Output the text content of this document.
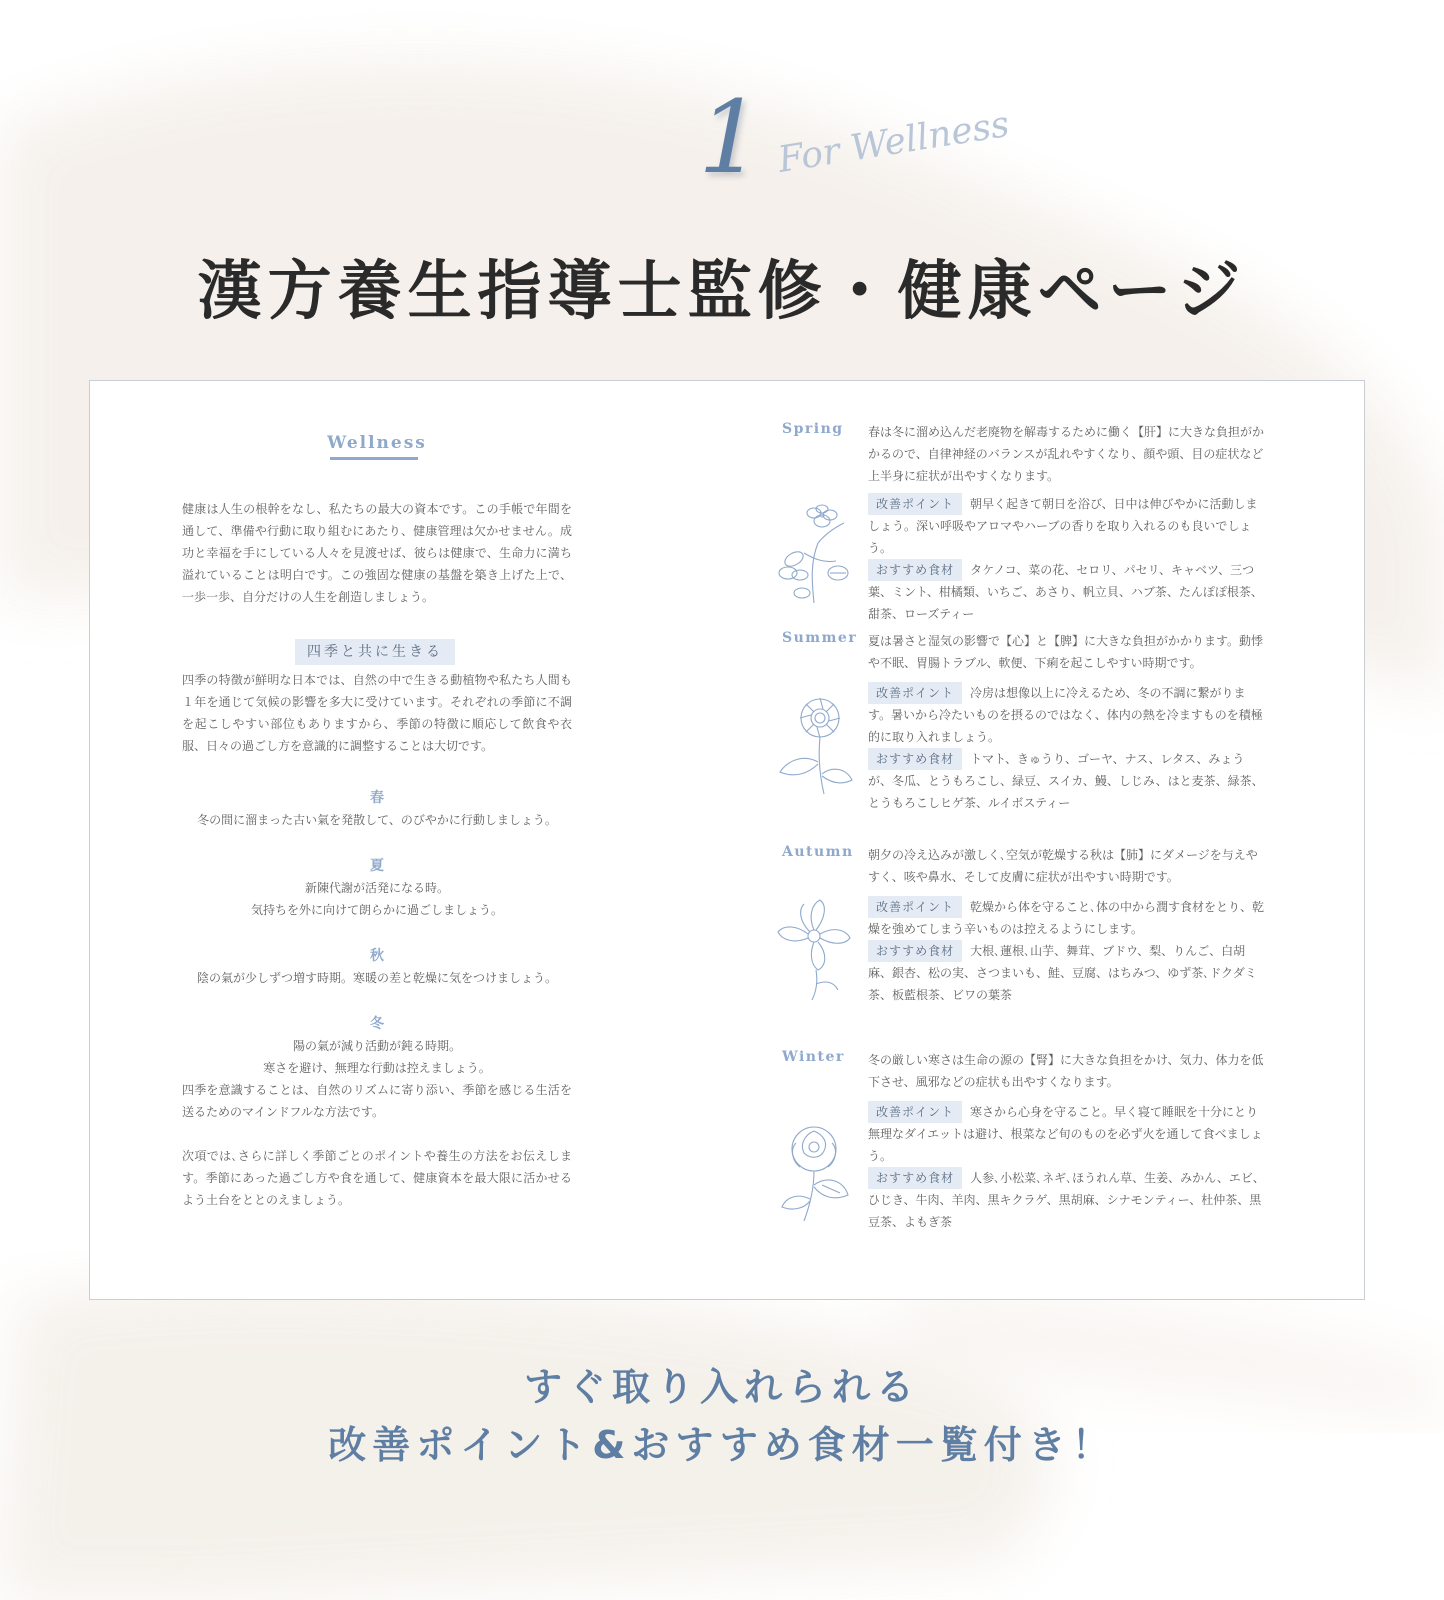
1 For Wellness
漢方養生指導士監修・健康ページ
Wellness
健康は人生の根幹をなし、私たちの最大の資本です。この手帳で年間を通して、準備や行動に取り組むにあたり、健康管理は欠かせません。成功と幸福を手にしている人々を見渡せば、彼らは健康で、生命力に満ち溢れていることは明白です。この強固な健康の基盤を築き上げた上で、一歩一歩、自分だけの人生を創造しましょう。
四季と共に生きる
四季の特徴が鮮明な日本では、自然の中で生きる動植物や私たち人間も１年を通じて気候の影響を多大に受けています。それぞれの季節に不調を起こしやすい部位もありますから、季節の特徴に順応して飲食や衣服、日々の過ごし方を意識的に調整することは大切です。
春
冬の間に溜まった古い氣を発散して、のびやかに行動しましょう。
夏
新陳代謝が活発になる時。
気持ちを外に向けて朗らかに過ごしましょう。
秋
陰の氣が少しずつ増す時期。寒暖の差と乾燥に気をつけましょう。
冬
陽の氣が減り活動が鈍る時期。
寒さを避け、無理な行動は控えましょう。
四季を意識することは、自然のリズムに寄り添い、季節を感じる生活を送るためのマインドフルな方法です。
次項では､さらに詳しく季節ごとのポイントや養生の方法をお伝えします。季節にあった過ごし方や食を通して、健康資本を最大限に活かせるよう土台をととのえましょう。
Spring 春は冬に溜め込んだ老廃物を解毒するために働く【肝】に大きな負担がかかるので、自律神経のバランスが乱れやすくなり、顔や頭、目の症状など上半身に症状が出やすくなります。

改善ポイント 朝早く起きて朝日を浴び、日中は伸びやかに活動しましょう。深い呼吸やアロマやハーブの香りを取り入れるのも良いでしょう。

おすすめ食材 タケノコ、菜の花、セロリ、パセリ、キャベツ、三つ葉、ミント、柑橘類、いちご、あさり、帆立貝、ハブ茶、たんぽぽ根茶、甜茶、ローズティー

Summer 夏は暑さと湿気の影響で【心】と【脾】に大きな負担がかかります。動悸や不眠、胃腸トラブル、軟便、下痢を起こしやすい時期です。

改善ポイント 冷房は想像以上に冷えるため、冬の不調に繋がります。暑いから冷たいものを摂るのではなく、体内の熱を冷ますものを積極的に取り入れましょう。

おすすめ食材 トマト、きゅうり、ゴーヤ、ナス、レタス、みょうが、冬瓜、とうもろこし、緑豆、スイカ、鰻、しじみ、はと麦茶、緑茶、とうもろこしヒゲ茶、ルイボスティー

Autumn 朝夕の冷え込みが激しく､空気が乾燥する秋は【肺】にダメージを与えやすく、咳や鼻水、そして皮膚に症状が出やすい時期です。

改善ポイント 乾燥から体を守ること､体の中から潤す食材をとり、乾燥を強めてしまう辛いものは控えるようにします。

おすすめ食材 大根､蓮根､山芋、舞茸、ブドウ、梨、りんご、白胡麻、銀杏、松の実、さつまいも、鮭、豆腐、はちみつ、ゆず茶､ドクダミ茶、板藍根茶、ビワの葉茶

Winter 冬の厳しい寒さは生命の源の【腎】に大きな負担をかけ、気力、体力を低下させ、風邪などの症状も出やすくなります。

改善ポイント 寒さから心身を守ること。早く寝て睡眠を十分にとり無理なダイエットは避け、根菜など旬のものを必ず火を通して食べましょう。

おすすめ食材 人参､小松菜､ネギ､ほうれん草、生姜、みかん、エビ、ひじき、牛肉、羊肉、黒キクラゲ、黒胡麻、シナモンティー、杜仲茶、黒豆茶、よもぎ茶

すぐ取り入れられる
改善ポイント&おすすめ食材一覧付き！
